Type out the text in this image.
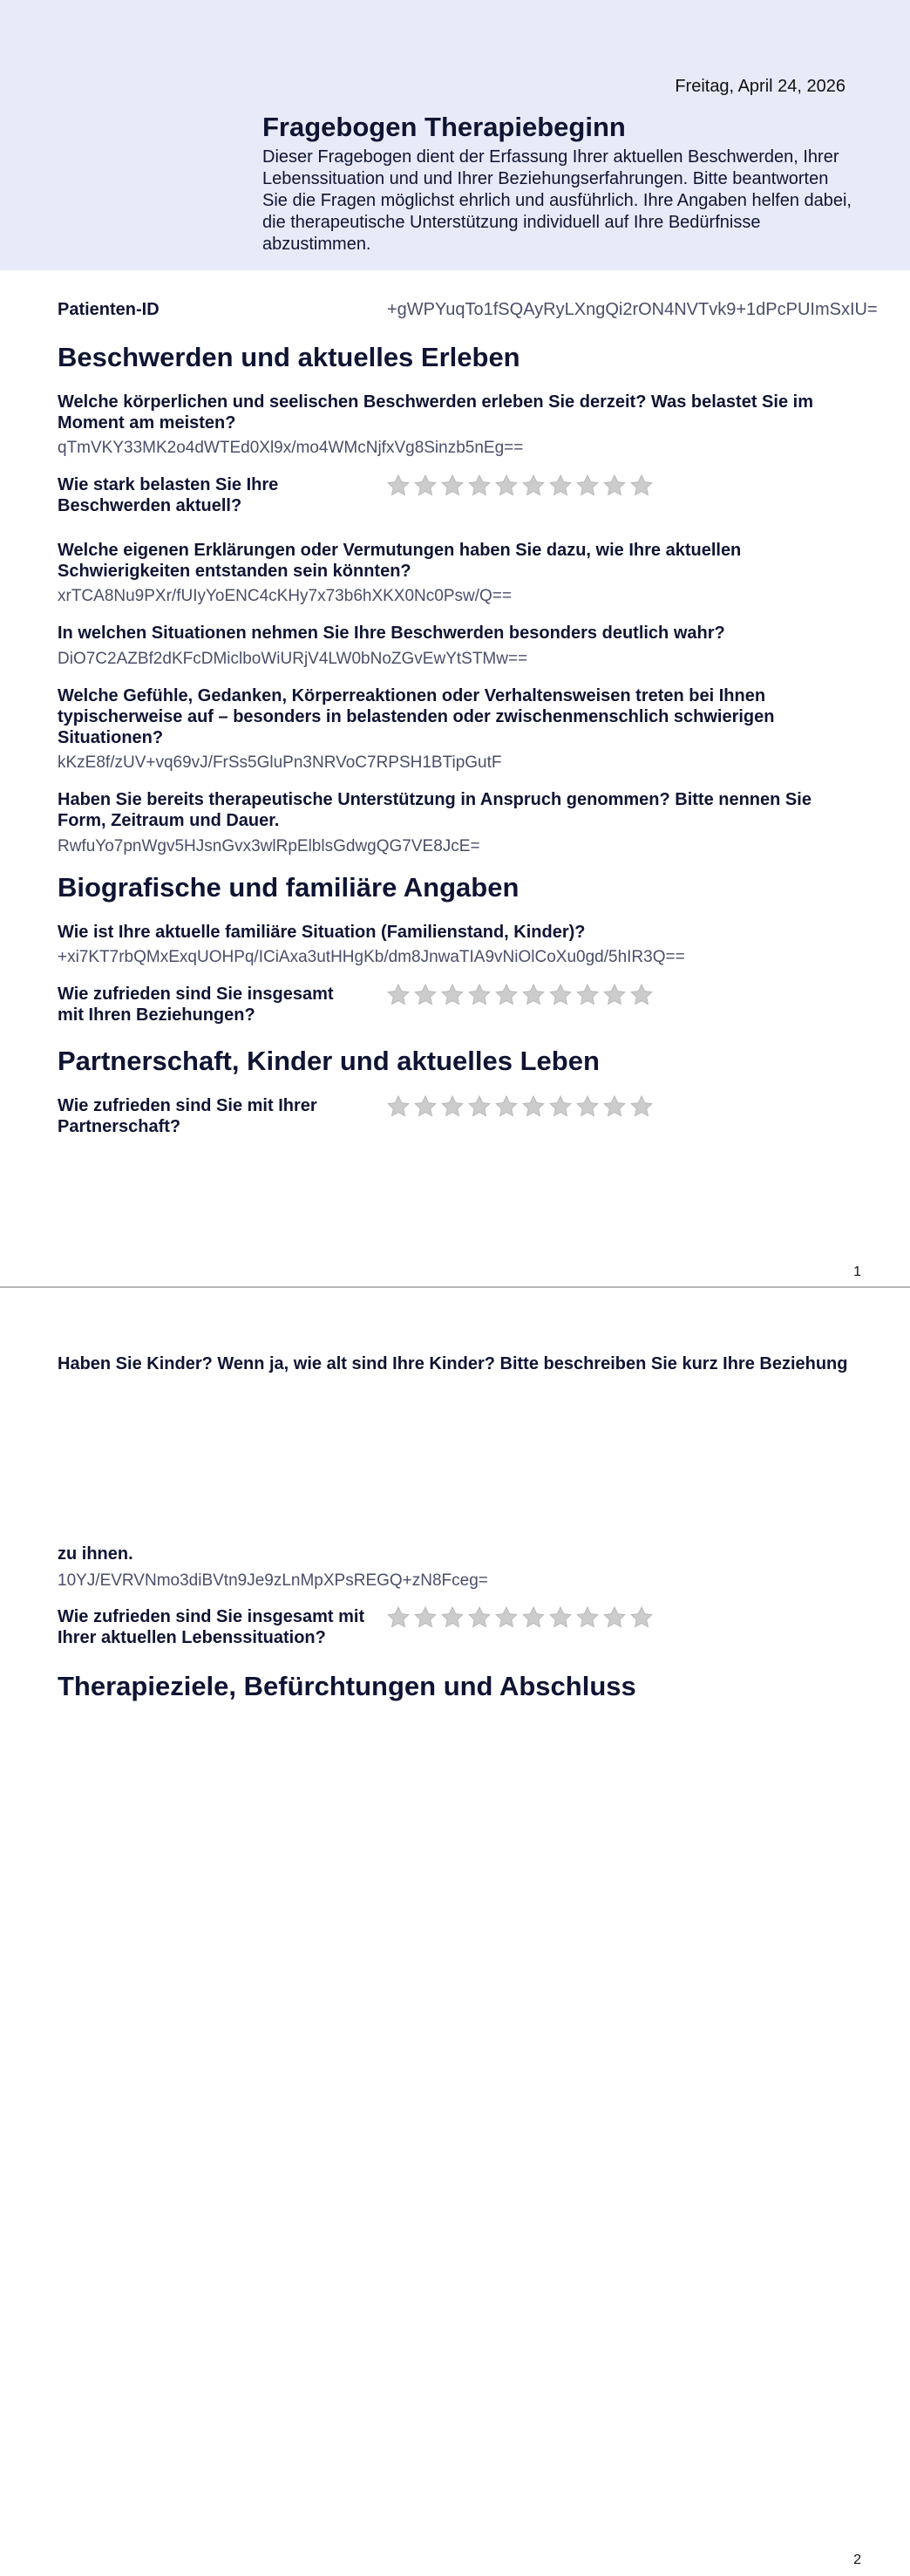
Freitag, April 24, 2026
Fragebogen Therapiebeginn

Dieser Fragebogen dient der Erfassung Ihrer aktuellen Beschwerden, Ihrer Lebenssituation und und Ihrer Beziehungserfahrungen. Bitte beantworten Sie die Fragen möglichst ehrlich und ausführlich. Ihre Angaben helfen dabei, die therapeutische Unterstützung individuell auf Ihre Bedürfnisse abzustimmen.

Patienten-ID	+gWPYuqTo1fSQAyRyLXngQi2rON4NVTvk9+1dPcPUImSxIU=
Beschwerden und aktuelles Erleben

Welche körperlichen und seelischen Beschwerden erleben Sie derzeit? Was belastet Sie im Moment am meisten?

qTmVKY33MK2o4dWTEd0Xl9x/mo4WMcNjfxVg8Sinzb5nEg==

Wie stark belasten Sie Ihre Beschwerden aktuell?

Welche eigenen Erklärungen oder Vermutungen haben Sie dazu, wie Ihre aktuellen Schwierigkeiten entstanden sein könnten?

xrTCA8Nu9PXr/fUIyYoENC4cKHy7x73b6hXKX0Nc0Psw/Q==

In welchen Situationen nehmen Sie Ihre Beschwerden besonders deutlich wahr?

DiO7C2AZBf2dKFcDMiclboWiURjV4LW0bNoZGvEwYtSTMw==

Welche Gefühle, Gedanken, Körperreaktionen oder Verhaltensweisen treten bei Ihnen typischerweise auf – besonders in belastenden oder zwischenmenschlich schwierigen Situationen?

kKzE8f/zUV+vq69vJ/FrSs5GluPn3NRVoC7RPSH1BTipGutF

Haben Sie bereits therapeutische Unterstützung in Anspruch genommen? Bitte nennen Sie Form, Zeitraum und Dauer.

RwfuYo7pnWgv5HJsnGvx3wlRpElblsGdwgQG7VE8JcE=

Biografische und familiäre Angaben

Wie ist Ihre aktuelle familiäre Situation (Familienstand, Kinder)?

+xi7KT7rbQMxExqUOHPq/ICiAxa3utHHgKb/dm8JnwaTIA9vNiOlCoXu0gd/5hIR3Q==

Wie zufrieden sind Sie insgesamt mit Ihren Beziehungen?

Partnerschaft, Kinder und aktuelles Leben

Wie zufrieden sind Sie mit Ihrer Partnerschaft?

1

Haben Sie Kinder? Wenn ja, wie alt sind Ihre Kinder? Bitte beschreiben Sie kurz Ihre Beziehung

zu ihnen.

10YJ/EVRVNmo3diBVtn9Je9zLnMpXPsREGQ+zN8Fceg=

Wie zufrieden sind Sie insgesamt mit Ihrer aktuellen Lebenssituation?

Therapieziele, Befürchtungen und Abschluss
2
